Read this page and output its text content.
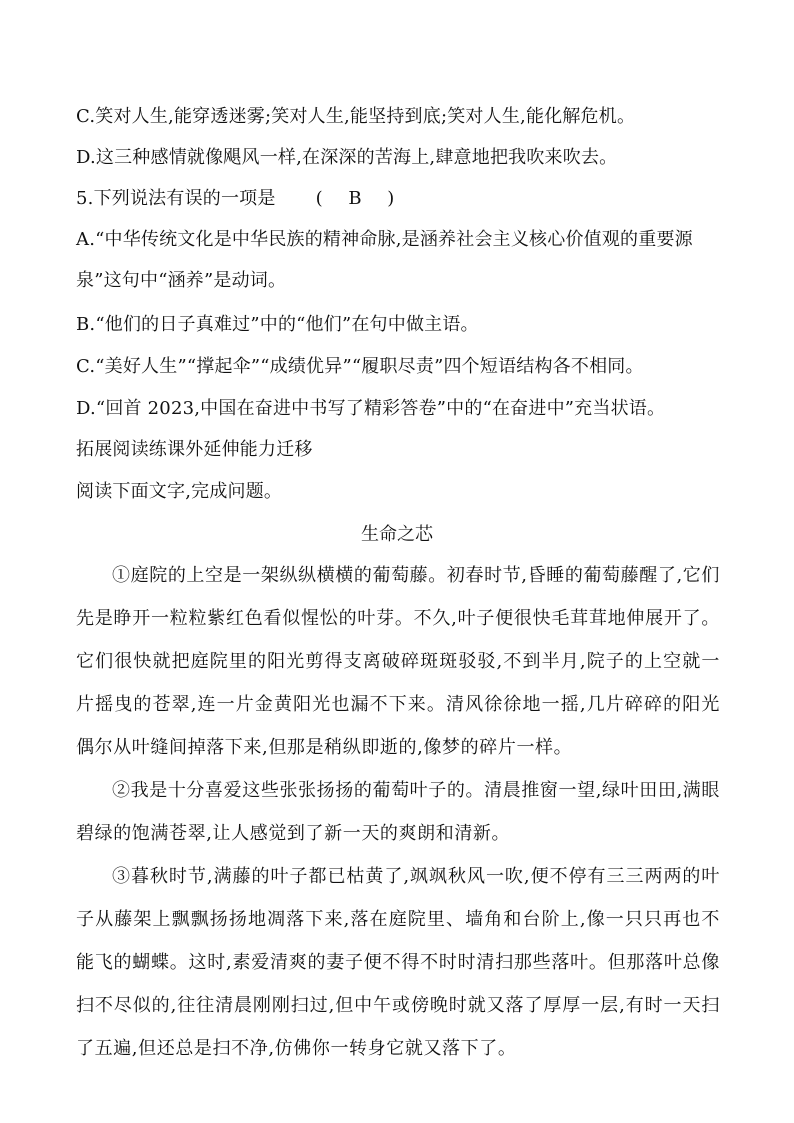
C.笑对人生,能穿透迷雾;笑对人生,能坚持到底;笑对人生,能化解危机。
D.这三种感情就像飓风一样,在深深的苦海上,肆意地把我吹来吹去。
5.下列说法有误的一项是 ( B )
A.“中华传统文化是中华民族的精神命脉,是涵养社会主义核心价值观的重要源
泉”这句中“涵养”是动词。
B.“他们的日子真难过”中的“他们”在句中做主语。
C.“美好人生”“撑起伞”“成绩优异”“履职尽责”四个短语结构各不相同。
D.“回首 2023,中国在奋进中书写了精彩答卷”中的“在奋进中”充当状语。
拓展阅读练课外延伸能力迁移
阅读下面文字,完成问题。
生命之芯
①庭院的上空是一架纵纵横横的葡萄藤。初春时节,昏睡的葡萄藤醒了,它们先是睁开一粒粒紫红色看似惺忪的叶芽。不久,叶子便很快毛茸茸地伸展开了。它们很快就把庭院里的阳光剪得支离破碎斑斑驳驳,不到半月,院子的上空就一片摇曳的苍翠,连一片金黄阳光也漏不下来。清风徐徐地一摇,几片碎碎的阳光偶尔从叶缝间掉落下来,但那是稍纵即逝的,像梦的碎片一样。
②我是十分喜爱这些张张扬扬的葡萄叶子的。清晨推窗一望,绿叶田田,满眼碧绿的饱满苍翠,让人感觉到了新一天的爽朗和清新。
③暮秋时节,满藤的叶子都已枯黄了,飒飒秋风一吹,便不停有三三两两的叶子从藤架上飘飘扬扬地凋落下来,落在庭院里、墙角和台阶上,像一只只再也不能飞的蝴蝶。这时,素爱清爽的妻子便不得不时时清扫那些落叶。但那落叶总像扫不尽似的,往往清晨刚刚扫过,但中午或傍晚时就又落了厚厚一层,有时一天扫了五遍,但还总是扫不净,仿佛你一转身它就又落下了。
